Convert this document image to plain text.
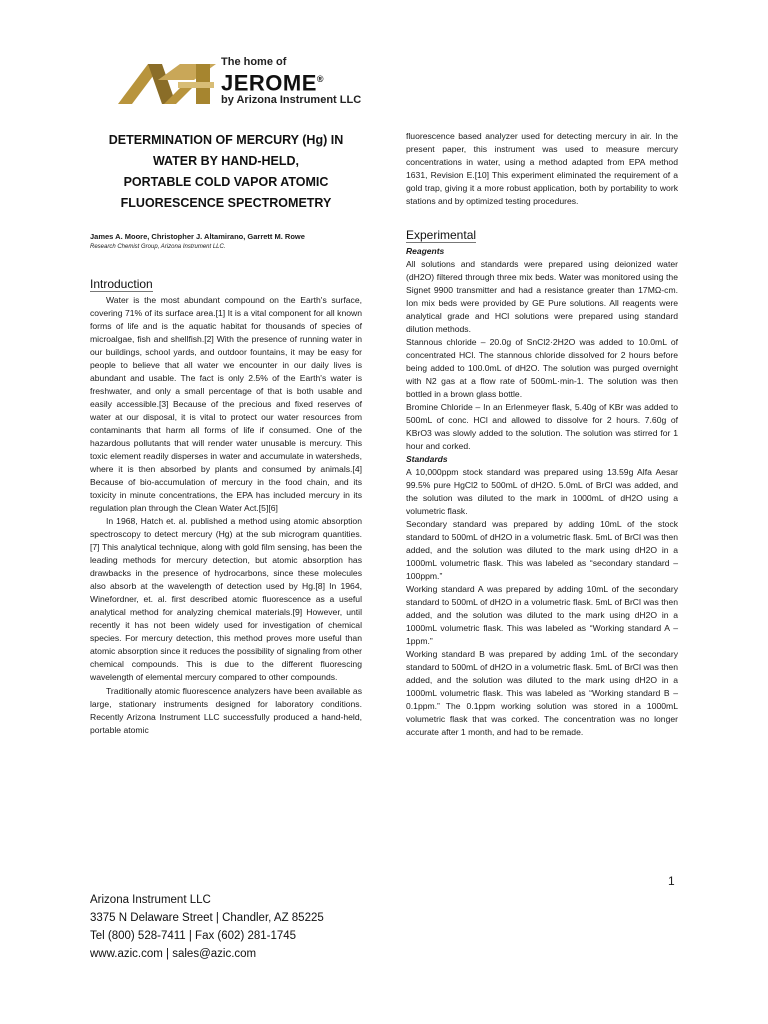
The home of
JEROME®
by Arizona Instrument LLC
DETERMINATION OF MERCURY (Hg) IN
WATER BY HAND-HELD,
PORTABLE COLD VAPOR ATOMIC
FLUORESCENCE SPECTROMETRY

James A. Moore, Christopher J. Altamirano, Garrett M. Rowe

Research Chemist Group, Arizona Instrument LLC.

Introduction

Water is the most abundant compound on the Earth's surface, covering 71% of its surface area.[1] It is a vital component for all known forms of life and is the aquatic habitat for thousands of species of microalgae, fish and shellfish.[2] With the presence of running water in our buildings, school yards, and outdoor fountains, it may be easy for people to believe that all water we encounter in our daily lives is abundant and usable. The fact is only 2.5% of the Earth's water is freshwater, and only a small percentage of that is both usable and easily accessible.[3] Because of the precious and fixed reserves of water at our disposal, it is vital to protect our water resources from contaminants that harm all forms of life if consumed. One of the hazardous pollutants that will render water unusable is mercury. This toxic element readily disperses in water and accumulate in watersheds, where it is then absorbed by plants and consumed by animals.[4] Because of bio-accumulation of mercury in the food chain, and its toxicity in minute concentrations, the EPA has included mercury in its regulation plan through the Clean Water Act.[5][6]

In 1968, Hatch et. al. published a method using atomic absorption spectroscopy to detect mercury (Hg) at the sub microgram quantities.[7] This analytical technique, along with gold film sensing, has been the leading methods for mercury detection, but atomic absorption has drawbacks in the presence of hydrocarbons, since these molecules also absorb at the wavelength of detection used by Hg.[8] In 1964, Winefordner, et. al. first described atomic fluorescence as a useful analytical method for analyzing chemical materials.[9] However, until recently it has not been widely used for investigation of chemical species. For mercury detection, this method proves more useful than atomic absorption since it reduces the possibility of signaling from other chemical compounds. This is due to the different fluorescing wavelength of elemental mercury compared to other compounds.

Traditionally atomic fluorescence analyzers have been available as large, stationary instruments designed for laboratory conditions. Recently Arizona Instrument LLC successfully produced a hand-held, portable atomic

fluorescence based analyzer used for detecting mercury in air. In the present paper, this instrument was used to measure mercury concentrations in water, using a method adapted from EPA method 1631, Revision E.[10] This experiment eliminated the requirement of a gold trap, giving it a more robust application, both by portability to work stations and by optimized testing procedures.

Experimental

Reagents

All solutions and standards were prepared using deionized water (dH2O) filtered through three mix beds. Water was monitored using the Signet 9900 transmitter and had a resistance greater than 17MΩ-cm. Ion mix beds were provided by GE Pure solutions. All reagents were analytical grade and HCl solutions were prepared using standard dilution methods.

Stannous chloride – 20.0g of SnCl2·2H2O was added to 10.0mL of concentrated HCl. The stannous chloride dissolved for 2 hours before being added to 100.0mL of dH2O. The solution was purged overnight with N2 gas at a flow rate of 500mL·min-1. The solution was then bottled in a brown glass bottle.

Bromine Chloride – In an Erlenmeyer flask, 5.40g of KBr was added to 500mL of conc. HCl and allowed to dissolve for 2 hours. 7.60g of KBrO3 was slowly added to the solution. The solution was stirred for 1 hour and corked.

Standards

A 10,000ppm stock standard was prepared using 13.59g Alfa Aesar 99.5% pure HgCl2 to 500mL of dH2O. 5.0mL of BrCl was added, and the solution was diluted to the mark in 1000mL of dH2O using a volumetric flask.

Secondary standard was prepared by adding 10mL of the stock standard to 500mL of dH2O in a volumetric flask. 5mL of BrCl was then added, and the solution was diluted to the mark using dH2O in a 1000mL volumetric flask. This was labeled as “secondary standard – 100ppm.”

Working standard A was prepared by adding 10mL of the secondary standard to 500mL of dH2O in a volumetric flask. 5mL of BrCl was then added, and the solution was diluted to the mark using dH2O in a 1000mL volumetric flask. This was labeled as “Working standard A – 1ppm.”

Working standard B was prepared by adding 1mL of the secondary standard to 500mL of dH2O in a volumetric flask. 5mL of BrCl was then added, and the solution was diluted to the mark using dH2O in a 1000mL volumetric flask. This was labeled as “Working standard B – 0.1ppm.” The 0.1ppm working solution was stored in a 1000mL volumetric flask that was corked. The concentration was no longer accurate after 1 month, and had to be remade.

1
Arizona Instrument LLC
3375 N Delaware Street | Chandler, AZ 85225
Tel (800) 528-7411 | Fax (602) 281-1745
www.azic.com | sales@azic.com
